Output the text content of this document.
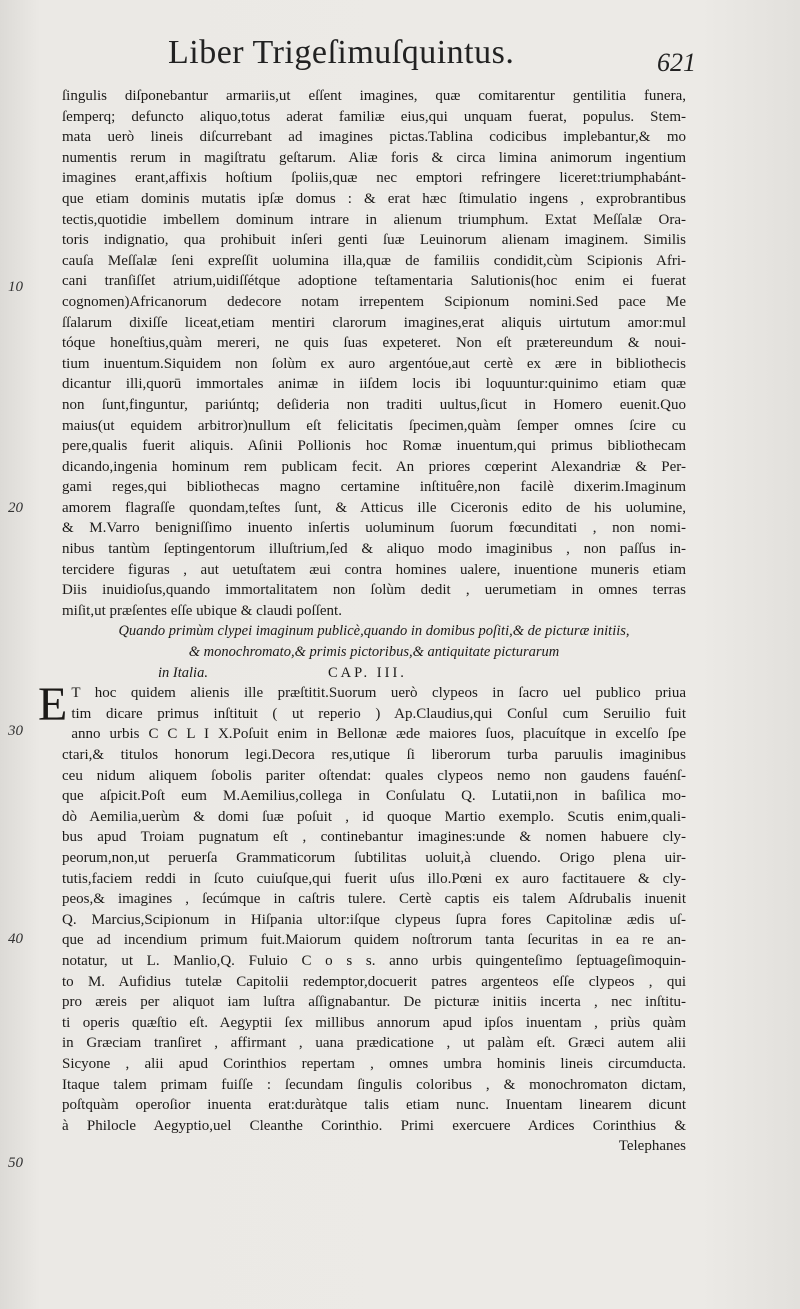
Liber Trigeſimuſquintus.	621
10
20
30
40
50
ſingulis diſponebantur armariis,ut eſſent imagines, quæ comitarentur gentilitia funera,
ſemperq; defuncto aliquo,totus aderat familiæ eius,qui unquam fuerat, populus. Stem-
mata uerò lineis diſcurrebant ad imagines pictas.Tablina codicibus implebantur,& mo
numentis rerum in magiſtratu geſtarum. Aliæ foris & circa limina animorum ingentium
imagines erant,affixis hoſtium ſpoliis,quæ nec emptori refringere liceret:triumphabánt-
que etiam dominis mutatis ipſæ domus : & erat hæc ſtimulatio ingens , exprobrantibus
tectis,quotidie imbellem dominum intrare in alienum triumphum. Extat Meſſalæ Ora-
toris indignatio, qua prohibuit inſeri genti ſuæ Leuinorum alienam imaginem. Similis
cauſa Meſſalæ ſeni expreſſit uolumina illa,quæ de familiis condidit,cùm Scipionis Afri-
cani tranſiſſet atrium,uidiſſétque adoptione teſtamentaria Salutionis(hoc enim ei fuerat
cognomen)Africanorum dedecore notam irrepentem Scipionum nomini.Sed pace Me
ſſalarum dixiſſe liceat,etiam mentiri clarorum imagines,erat aliquis uirtutum amor:mul
tóque honeſtius,quàm mereri, ne quis ſuas expeteret. Non eſt prætereundum & noui-
tium inuentum.Siquidem non ſolùm ex auro argentóue,aut certè ex ære in bibliothecis
dicantur illi,quorū immortales animæ in iiſdem locis ibi loquuntur:quinimo etiam quæ
non ſunt,finguntur, pariúntq; deſideria non traditi uultus,ſicut in Homero euenit.Quo
maius(ut equidem arbitror)nullum eſt felicitatis ſpecimen,quàm ſemper omnes ſcire cu
pere,qualis fuerit aliquis. Aſinii Pollionis hoc Romæ inuentum,qui primus bibliothecam
dicando,ingenia hominum rem publicam fecit. An priores cœperint Alexandriæ & Per-
gami reges,qui bibliothecas magno certamine inſtituêre,non facilè dixerim.Imaginum
amorem flagraſſe quondam,teſtes ſunt, & Atticus ille Ciceronis edito de his uolumine,
& M.Varro benigniſſimo inuento inſertis uoluminum ſuorum fœcunditati , non nomi-
nibus tantùm ſeptingentorum illuſtrium,ſed & aliquo modo imaginibus , non paſſus in-
tercidere figuras , aut uetuſtatem æui contra homines ualere, inuentione muneris etiam
Diis inuidioſus,quando immortalitatem non ſolùm dedit , uerumetiam in omnes terras
miſit,ut præſentes eſſe ubique & claudi poſſent.
Quando primùm clypei imaginum publicè,quando in domibus poſiti,& de picturæ initiis,
& monochromato,& primis pictoribus,& antiquitate picturarum
in Italia.	CAP. III.
E T hoc quidem alienis ille præſtitit.Suorum uerò clypeos in ſacro uel publico priua
tim dicare primus inſtituit ( ut reperio ) Ap.Claudius,qui Conſul cum Seruilio fuit
anno urbis C C L I X.Poſuit enim in Bellonæ æde maiores ſuos, placuítque in excelſo ſpe
ctari,& titulos honorum legi.Decora res,utique ſi liberorum turba paruulis imaginibus
ceu nidum aliquem ſobolis pariter oſtendat: quales clypeos nemo non gaudens fauénſ-
que aſpicit.Poſt eum M.Aemilius,collega in Conſulatu Q. Lutatii,non in baſilica mo-
dò Aemilia,uerùm & domi ſuæ poſuit , id quoque Martio exemplo. Scutis enim,quali-
bus apud Troiam pugnatum eſt , continebantur imagines:unde & nomen habuere cly-
peorum,non,ut peruerſa Grammaticorum ſubtilitas uoluit,à cluendo. Origo plena uir-
tutis,faciem reddi in ſcuto cuiuſque,qui fuerit uſus illo.Pœni ex auro factitauere & cly-
peos,& imagines , ſecúmque in caſtris tulere. Certè captis eis talem Aſdrubalis inuenit
Q. Marcius,Scipionum in Hiſpania ultor:iſque clypeus ſupra fores Capitolinæ ædis uſ-
que ad incendium primum fuit.Maiorum quidem noſtrorum tanta ſecuritas in ea re an-
notatur, ut L. Manlio,Q. Fuluio C o s s. anno urbis quingenteſimo ſeptuageſimoquin-
to M. Aufidius tutelæ Capitolii redemptor,docuerit patres argenteos eſſe clypeos , qui
pro æreis per aliquot iam luſtra aſſignabantur. De picturæ initiis incerta , nec inſtitu-
ti operis quæſtio eſt. Aegyptii ſex millibus annorum apud ipſos inuentam , priùs quàm
in Græciam tranſiret , affirmant , uana prædicatione , ut palàm eſt. Græci autem alii
Sicyone , alii apud Corinthios repertam , omnes umbra hominis lineis circumducta.
Itaque talem primam fuiſſe : ſecundam ſingulis coloribus , & monochromaton dictam,
poſtquàm operoſior inuenta erat:duràtque talis etiam nunc. Inuentam linearem dicunt
à Philocle Aegyptio,uel Cleanthe Corinthio. Primi exercuere Ardices Corinthius &
Telephanes
